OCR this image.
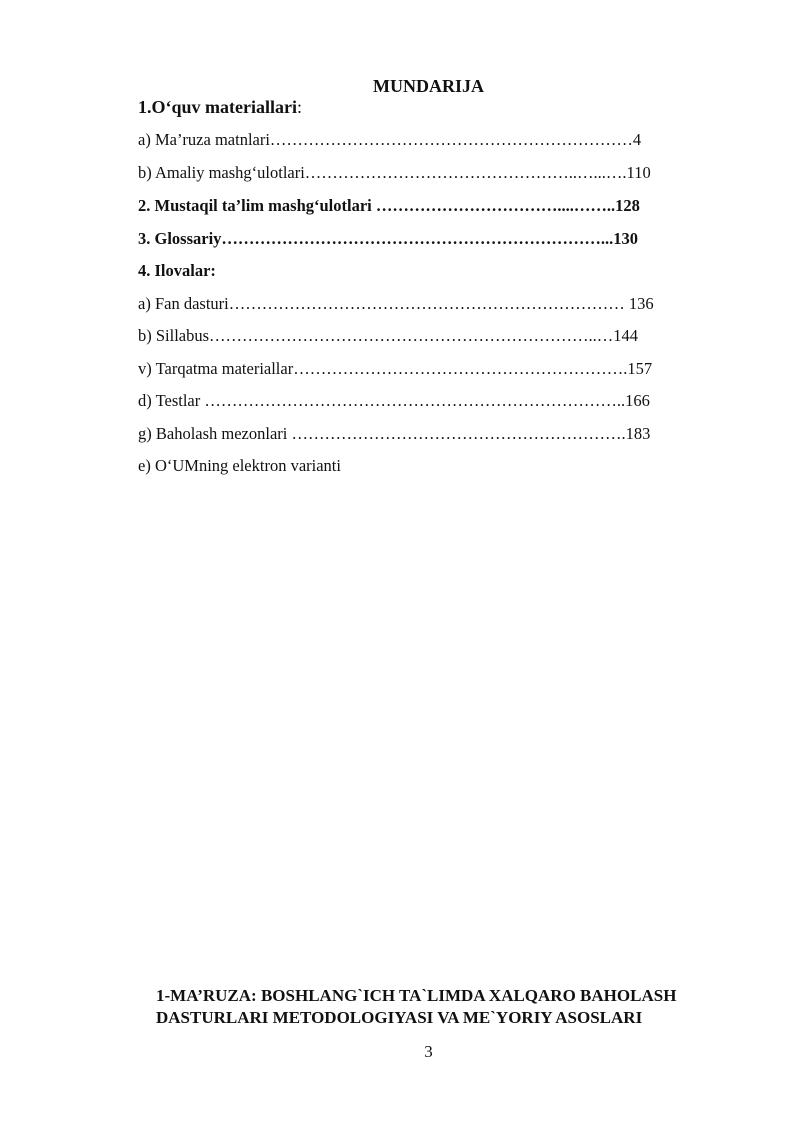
MUNDARIJA

1.O‘quv materiallari:

a) Ma’ruza matnlari…………………………………………………………4

b) Amaliy mashg‘ulotlari…………………………………………..…...….110

2. Mustaqil ta’lim mashg‘ulotlari ……………………………....……..128

3. Glossariy……………………………………………………………...130

4. Ilovalar:

a) Fan dasturi……………………………………………………………… 136

b) Sillabus……………………………………………………………..…144

v) Tarqatma materiallar…………………………………………………….157

d) Testlar …………………………………………………………………..166

g) Baholash mezonlari …………………………………………………….183

e) O‘UMning elektron varianti

1-MA’RUZA: BOSHLANG`ICH TA`LIMDA XALQARO BAHOLASH
DASTURLARI METODOLOGIYASI VA ME`YORIY ASOSLARI

3
